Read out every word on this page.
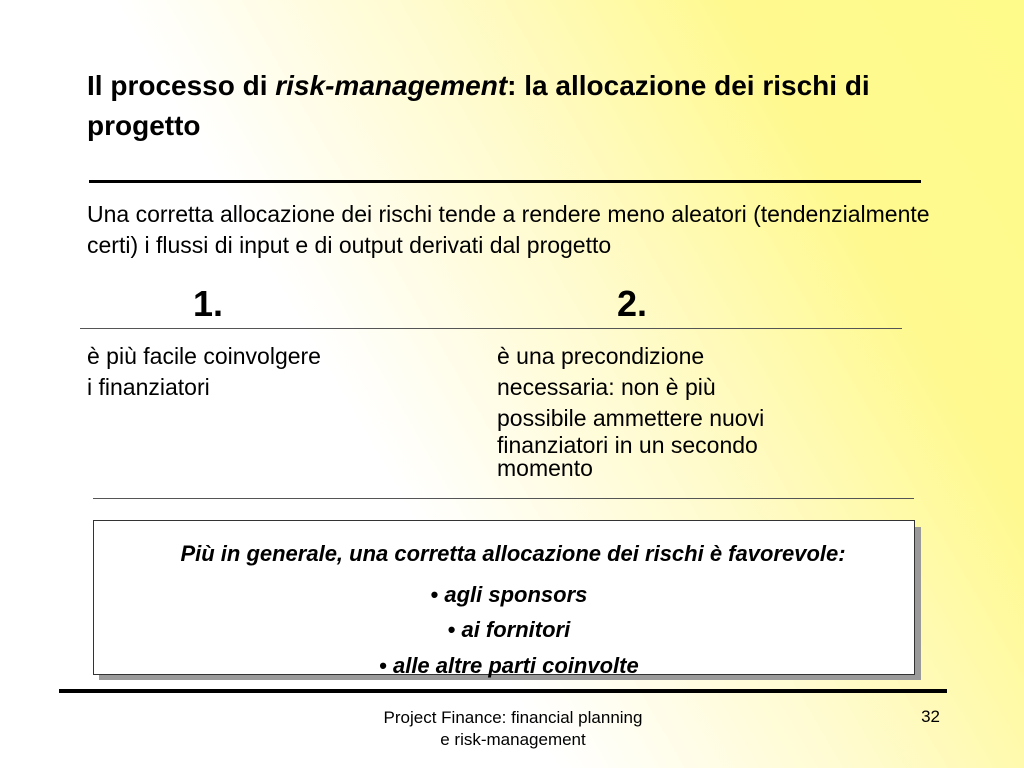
Il processo di risk-management: la allocazione dei rischi di progetto
Una corretta allocazione dei rischi tende a rendere meno aleatori (tendenzialmente certi) i flussi di input e di output derivati dal progetto
1.	2.
è più facile coinvolgere
i finanziatori
è una precondizione
necessaria: non è più
possibile ammettere nuovi
finanziatori in un secondo
momento
Più in generale, una corretta allocazione dei rischi è favorevole:
• agli sponsors
• ai fornitori
• alle altre parti coinvolte
Project Finance: financial planning
e risk-management
32
